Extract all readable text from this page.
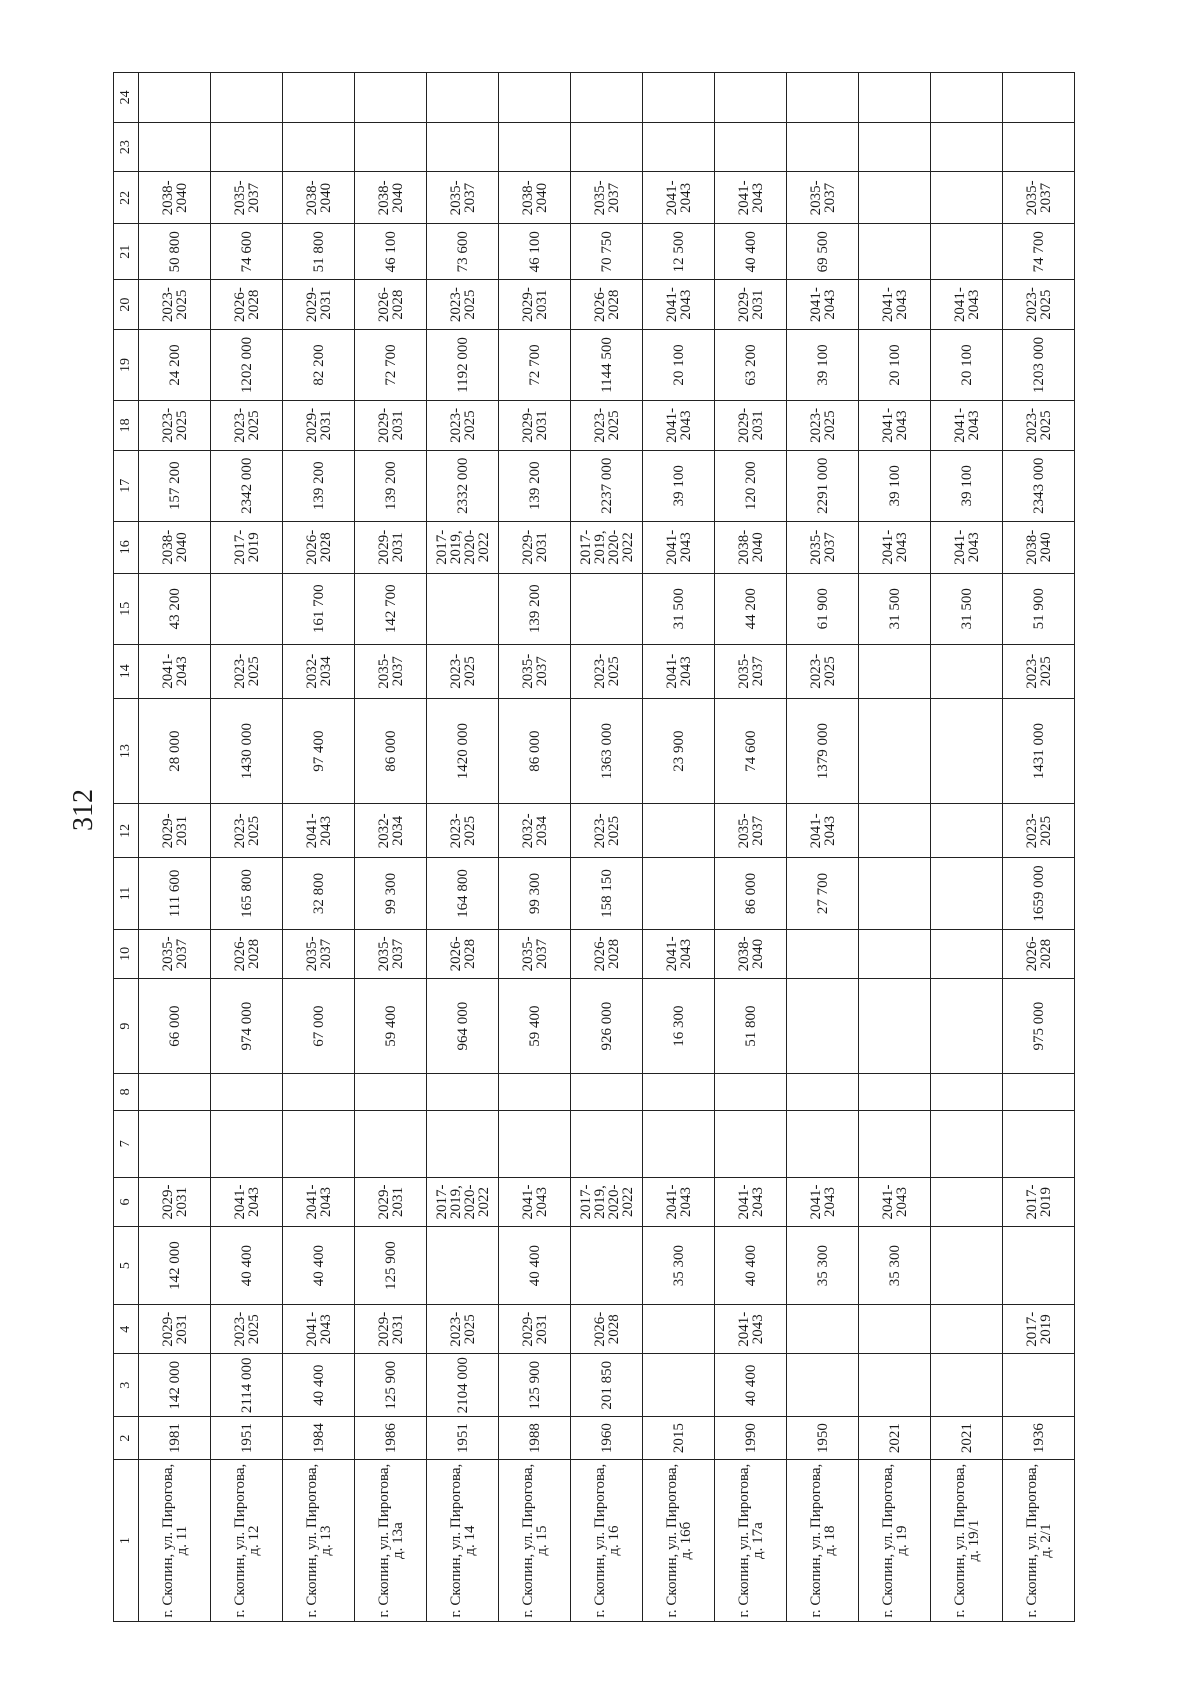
312
1	2	3	4	5	6	7	8	9	10	11	12	13	14	15	16	17	18	19	20	21	22	23	24
г. Скопин, ул. Пирогова, д. 11	1981	142 000	2029-2031	142 000	2029-2031			66 000	2035-2037	111 600	2029-2031	28 000	2041-2043	43 200	2038-2040	157 200	2023-2025	24 200	2023-2025	50 800	2038-2040		
г. Скопин, ул. Пирогова, д. 12	1951	2114 000	2023-2025	40 400	2041-2043			974 000	2026-2028	165 800	2023-2025	1430 000	2023-2025		2017-2019	2342 000	2023-2025	1202 000	2026-2028	74 600	2035-2037		
г. Скопин, ул. Пирогова, д. 13	1984	40 400	2041-2043	40 400	2041-2043			67 000	2035-2037	32 800	2041-2043	97 400	2032-2034	161 700	2026-2028	139 200	2029-2031	82 200	2029-2031	51 800	2038-2040		
г. Скопин, ул. Пирогова, д. 13а	1986	125 900	2029-2031	125 900	2029-2031			59 400	2035-2037	99 300	2032-2034	86 000	2035-2037	142 700	2029-2031	139 200	2029-2031	72 700	2026-2028	46 100	2038-2040		
г. Скопин, ул. Пирогова, д. 14	1951	2104 000	2023-2025		2017-2019, 2020-2022			964 000	2026-2028	164 800	2023-2025	1420 000	2023-2025		2017-2019, 2020-2022	2332 000	2023-2025	1192 000	2023-2025	73 600	2035-2037		
г. Скопин, ул. Пирогова, д. 15	1988	125 900	2029-2031	40 400	2041-2043			59 400	2035-2037	99 300	2032-2034	86 000	2035-2037	139 200	2029-2031	139 200	2029-2031	72 700	2029-2031	46 100	2038-2040		
г. Скопин, ул. Пирогова, д. 16	1960	201 850	2026-2028		2017-2019, 2020-2022			926 000	2026-2028	158 150	2023-2025	1363 000	2023-2025		2017-2019, 2020-2022	2237 000	2023-2025	1144 500	2026-2028	70 750	2035-2037		
г. Скопин, ул. Пирогова, д. 16б	2015			35 300	2041-2043			16 300	2041-2043			23 900	2041-2043	31 500	2041-2043	39 100	2041-2043	20 100	2041-2043	12 500	2041-2043		
г. Скопин, ул. Пирогова, д. 17а	1990	40 400	2041-2043	40 400	2041-2043			51 800	2038-2040	86 000	2035-2037	74 600	2035-2037	44 200	2038-2040	120 200	2029-2031	63 200	2029-2031	40 400	2041-2043		
г. Скопин, ул. Пирогова, д. 18	1950			35 300	2041-2043					27 700	2041-2043	1379 000	2023-2025	61 900	2035-2037	2291 000	2023-2025	39 100	2041-2043	69 500	2035-2037		
г. Скопин, ул. Пирогова, д. 19	2021			35 300	2041-2043									31 500	2041-2043	39 100	2041-2043	20 100	2041-2043				
г. Скопин, ул. Пирогова, д. 19/1	2021													31 500	2041-2043	39 100	2041-2043	20 100	2041-2043				
г. Скопин, ул. Пирогова, д. 2/1	1936		2017-2019		2017-2019			975 000	2026-2028	1659 000	2023-2025	1431 000	2023-2025	51 900	2038-2040	2343 000	2023-2025	1203 000	2023-2025	74 700	2035-2037		
